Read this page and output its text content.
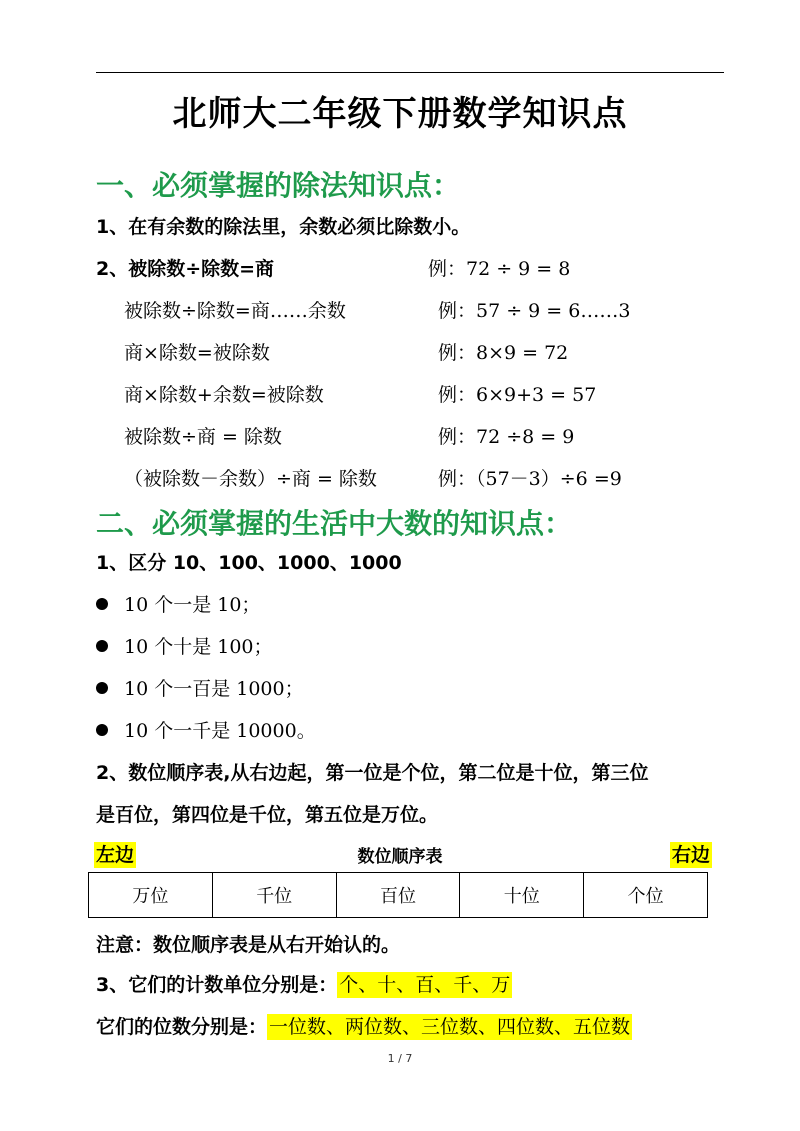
北师大二年级下册数学知识点
一、必须掌握的除法知识点：
1、在有余数的除法里，余数必须比除数小。
2、被除数÷除数=商	例：72 ÷ 9 = 8
被除数÷除数=商……余数	例：57 ÷ 9 = 6……3
商×除数=被除数	例：8×9 = 72
商×除数+余数=被除数	例：6×9+3 = 57
被除数÷商 = 除数	例：72 ÷8 = 9
（被除数－余数）÷商 = 除数	例：（57－3）÷6 =9
二、必须掌握的生活中大数的知识点：
1、区分 10、100、1000、1000
10 个一是 10；
10 个十是 100；
10 个一百是 1000；
10 个一千是 10000。
2、数位顺序表,从右边起，第一位是个位，第二位是十位，第三位
是百位，第四位是千位，第五位是万位。
左边	数位顺序表	右边
万位	千位	百位	十位	个位
注意：数位顺序表是从右开始认的。
3、它们的计数单位分别是： 个、十、百、千、万
它们的位数分别是： 一位数、两位数、三位数、四位数、五位数
1 / 7
